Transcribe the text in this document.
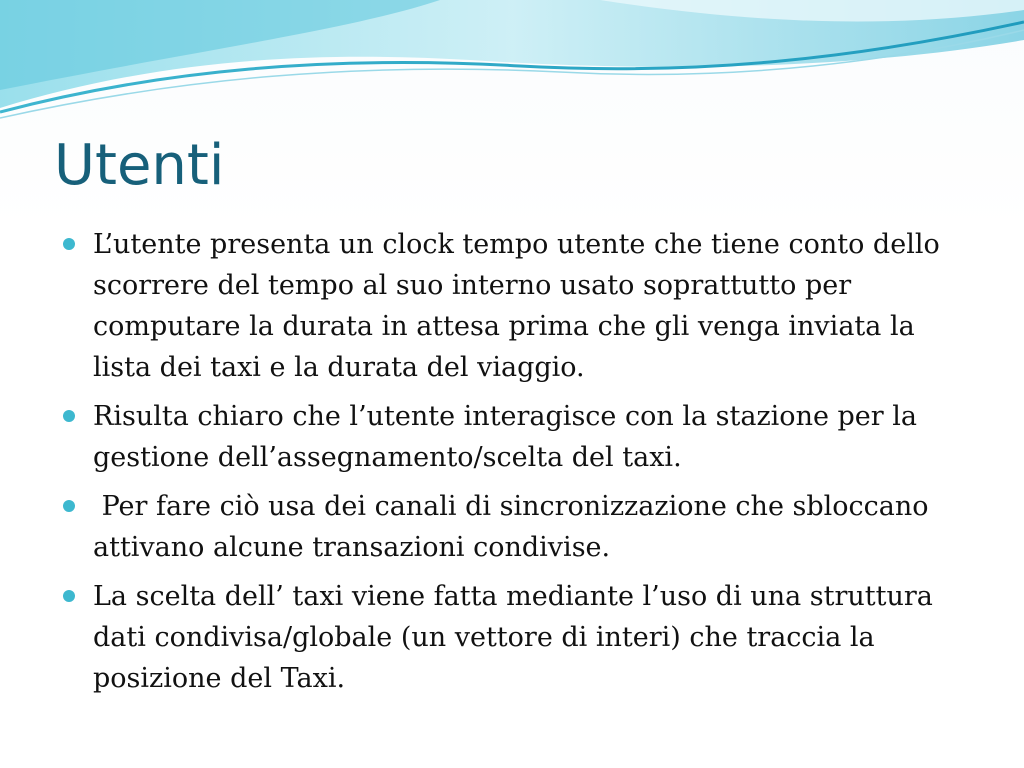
Utenti
L’utente presenta un clock tempo utente che tiene conto dello scorrere del tempo al suo interno usato soprattutto per computare la durata in attesa prima che gli venga inviata la lista dei taxi e la durata del viaggio.
Risulta chiaro che l’utente interagisce con la stazione per la gestione dell’assegnamento/scelta del taxi.
Per fare ciò usa dei canali di sincronizzazione che sbloccano attivano alcune transazioni condivise.
La scelta dell’ taxi viene fatta mediante l’uso di una struttura dati condivisa/globale (un vettore di interi) che traccia la posizione del Taxi.
